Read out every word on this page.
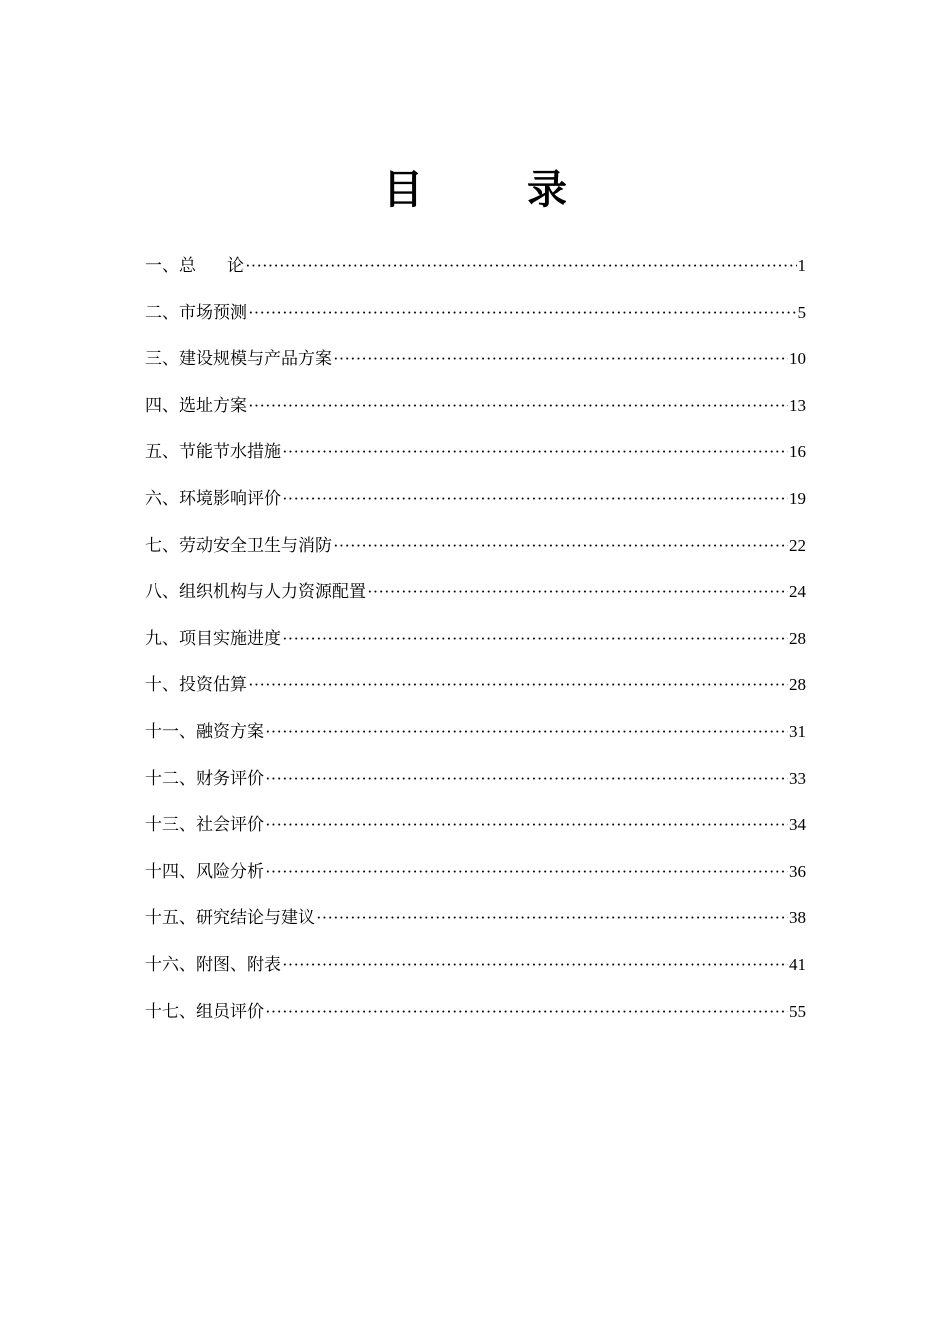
目	录
一、总 论 ·····	1
二、市场预测 ·····	5
三、建设规模与产品方案 ·····	10
四、选址方案 ·····	13
五、节能节水措施 ·····	16
六、环境影响评价 ·····	19
七、劳动安全卫生与消防 ·····	22
八、组织机构与人力资源配置 ·····	24
九、项目实施进度 ·····	28
十、投资估算 ·····	28
十一、融资方案 ·····	31
十二、财务评价 ·····	33
十三、社会评价 ·····	34
十四、风险分析 ·····	36
十五、研究结论与建议 ·····	38
十六、附图、附表 ·····	41
十七、组员评价 ·····	55
